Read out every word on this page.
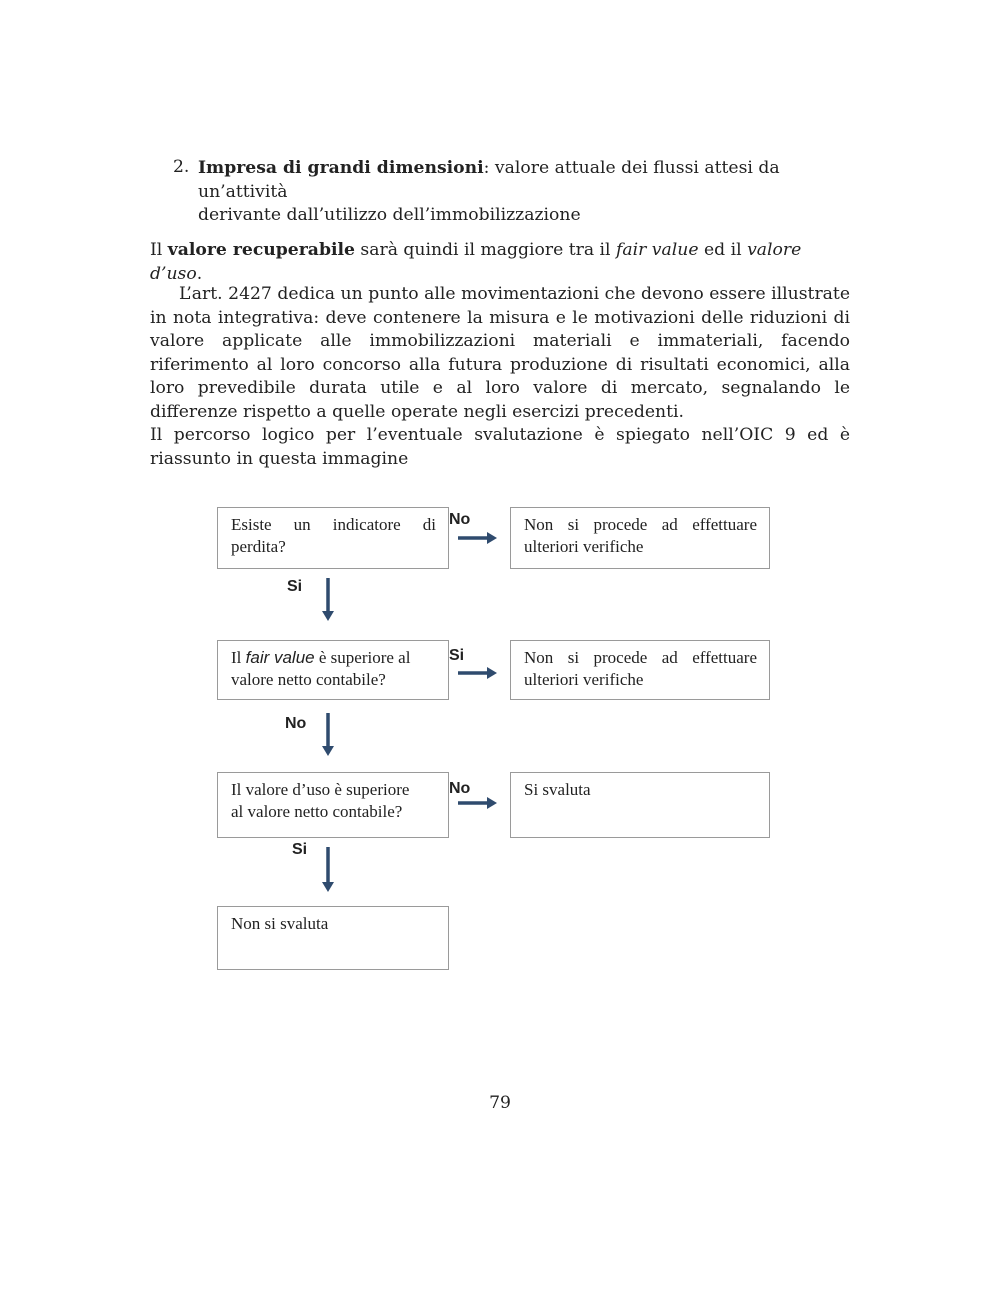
2. Impresa di grandi dimensioni: valore attuale dei flussi attesi da un’attività
derivante dall’utilizzo dell’immobilizzazione
Il valore recuperabile sarà quindi il maggiore tra il fair value ed il valore d’uso.
L’art. 2427 dedica un punto alle movimentazioni che devono essere illustrate in nota integrativa: deve contenere la misura e le motivazioni delle riduzioni di valore applicate alle immobilizzazioni materiali e immateriali, facendo riferimento al loro concorso alla futura produzione di risultati economici, alla loro prevedibile durata utile e al loro valore di mercato, segnalando le differenze rispetto a quelle operate negli esercizi precedenti.
Il percorso logico per l’eventuale svalutazione è spiegato nell’OIC 9 ed è riassunto in questa immagine
Esiste un indicatore di
perdita?
No	Non si procede ad effettuare
ulteriori verifiche
Si
Il fair value è superiore al
valore netto contabile?
Si	Non si procede ad effettuare
ulteriori verifiche
No
Il valore d’uso è superiore
al valore netto contabile?
No	Si svaluta
Si
Non si svaluta
79
